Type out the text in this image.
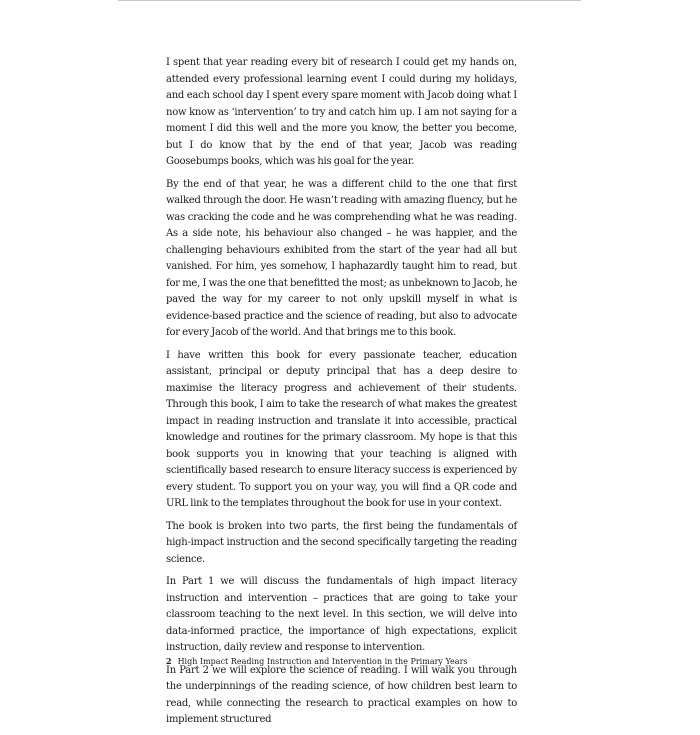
I spent that year reading every bit of research I could get my hands on, attended every professional learning event I could during my holidays, and each school day I spent every spare moment with Jacob doing what I now know as ‘intervention’ to try and catch him up. I am not saying for a moment I did this well and the more you know, the better you become, but I do know that by the end of that year, Jacob was reading Goosebumps books, which was his goal for the year.

By the end of that year, he was a different child to the one that first walked through the door. He wasn’t reading with amazing fluency, but he was cracking the code and he was comprehending what he was reading. As a side note, his behaviour also changed – he was happier, and the challenging behaviours exhibited from the start of the year had all but vanished. For him, yes somehow, I haphazardly taught him to read, but for me, I was the one that benefitted the most; as unbeknown to Jacob, he paved the way for my career to not only upskill myself in what is evidence-based practice and the science of reading, but also to advocate for every Jacob of the world. And that brings me to this book.

I have written this book for every passionate teacher, education assistant, principal or deputy principal that has a deep desire to maximise the literacy progress and achievement of their students. Through this book, I aim to take the research of what makes the greatest impact in reading instruction and translate it into accessible, practical knowledge and routines for the primary classroom. My hope is that this book supports you in knowing that your teaching is aligned with scientifically based research to ensure literacy success is experienced by every student. To support you on your way, you will find a QR code and URL link to the templates throughout the book for use in your context.

The book is broken into two parts, the first being the fundamentals of high-impact instruction and the second specifically targeting the reading science.

In Part 1 we will discuss the fundamentals of high impact literacy instruction and intervention – practices that are going to take your classroom teaching to the next level. In this section, we will delve into data-informed practice, the importance of high expectations, explicit instruction, daily review and response to intervention.

In Part 2 we will explore the science of reading. I will walk you through the underpinnings of the reading science, of how children best learn to read, while connecting the research to practical examples on how to implement structured

2 High Impact Reading Instruction and Intervention in the Primary Years
